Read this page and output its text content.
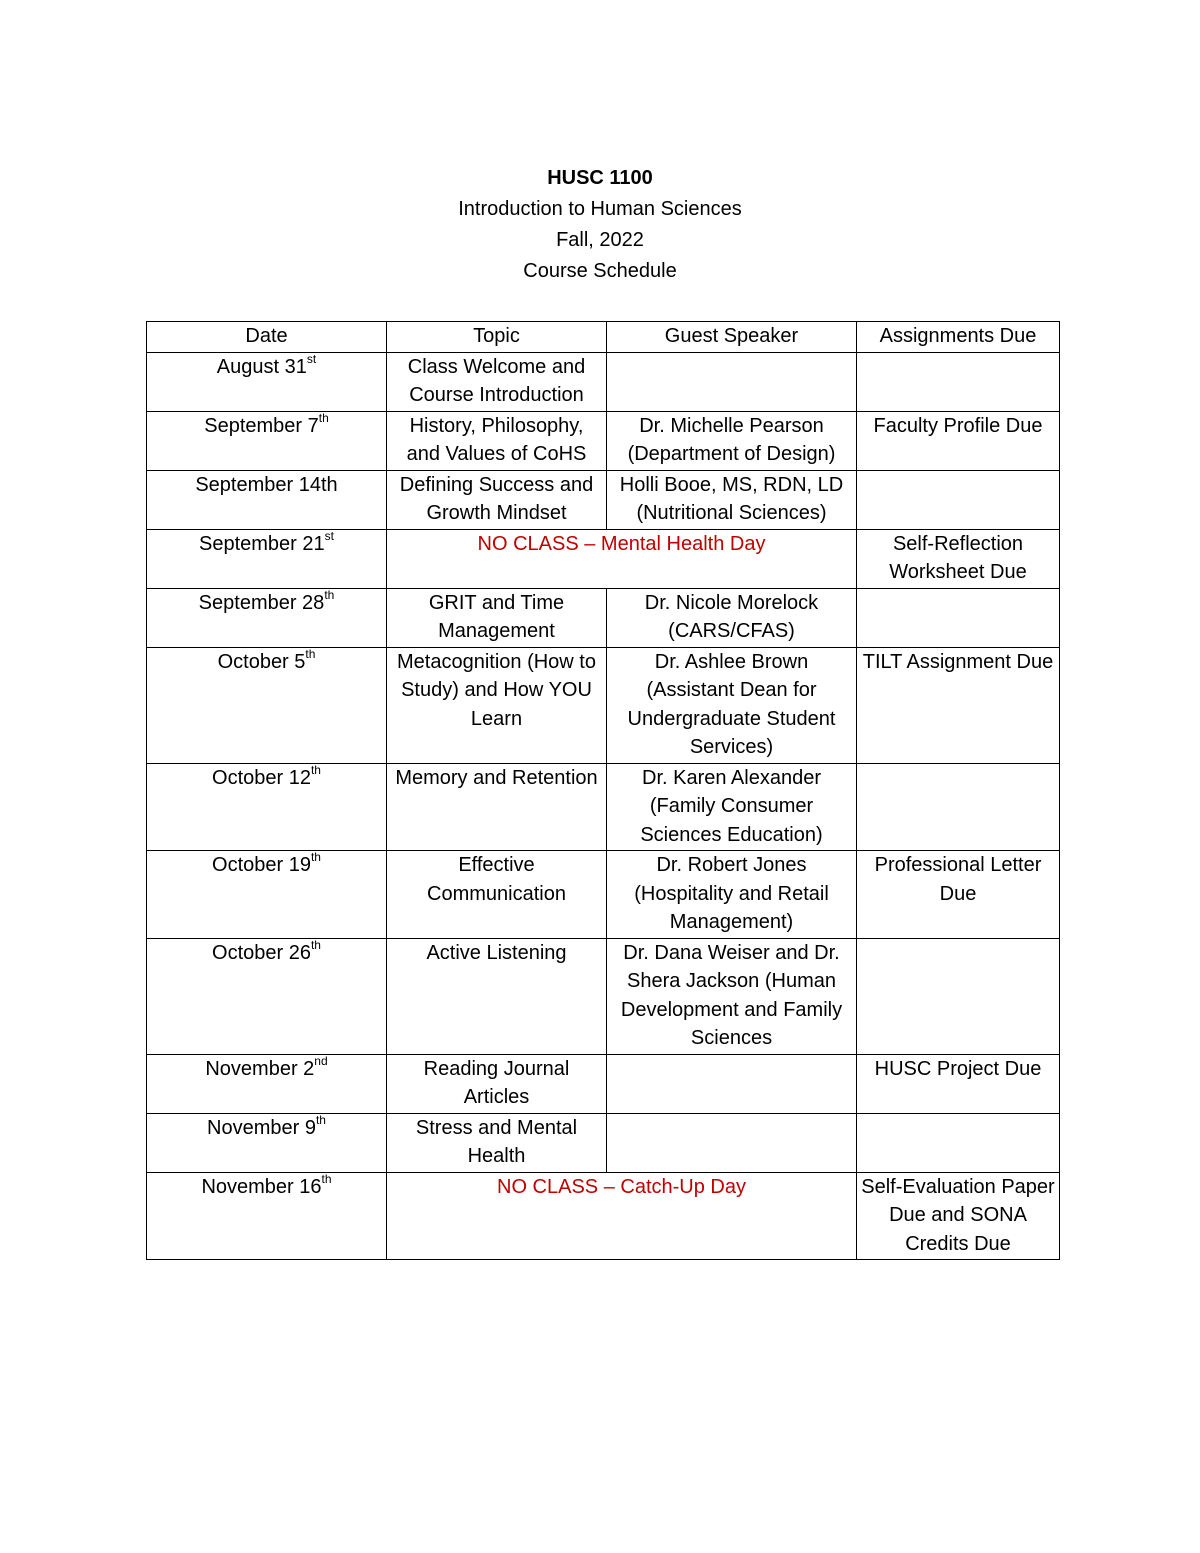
HUSC 1100
Introduction to Human Sciences
Fall, 2022
Course Schedule
Date	Topic	Guest Speaker	Assignments Due
August 31st	Class Welcome and Course Introduction		
September 7th	History, Philosophy, and Values of CoHS	Dr. Michelle Pearson (Department of Design)	Faculty Profile Due
September 14th	Defining Success and Growth Mindset	Holli Booe, MS, RDN, LD (Nutritional Sciences)	
September 21st	NO CLASS – Mental Health Day		Self-Reflection Worksheet Due
September 28th	GRIT and Time Management	Dr. Nicole Morelock (CARS/CFAS)	
October 5th	Metacognition (How to Study) and How YOU Learn	Dr. Ashlee Brown (Assistant Dean for Undergraduate Student Services)	TILT Assignment Due
October 12th	Memory and Retention	Dr. Karen Alexander (Family Consumer Sciences Education)	
October 19th	Effective Communication	Dr. Robert Jones (Hospitality and Retail Management)	Professional Letter Due
October 26th	Active Listening	Dr. Dana Weiser and Dr. Shera Jackson (Human Development and Family Sciences	
November 2nd	Reading Journal Articles		HUSC Project Due
November 9th	Stress and Mental Health		
November 16th	NO CLASS – Catch-Up Day		Self-Evaluation Paper Due and SONA Credits Due
